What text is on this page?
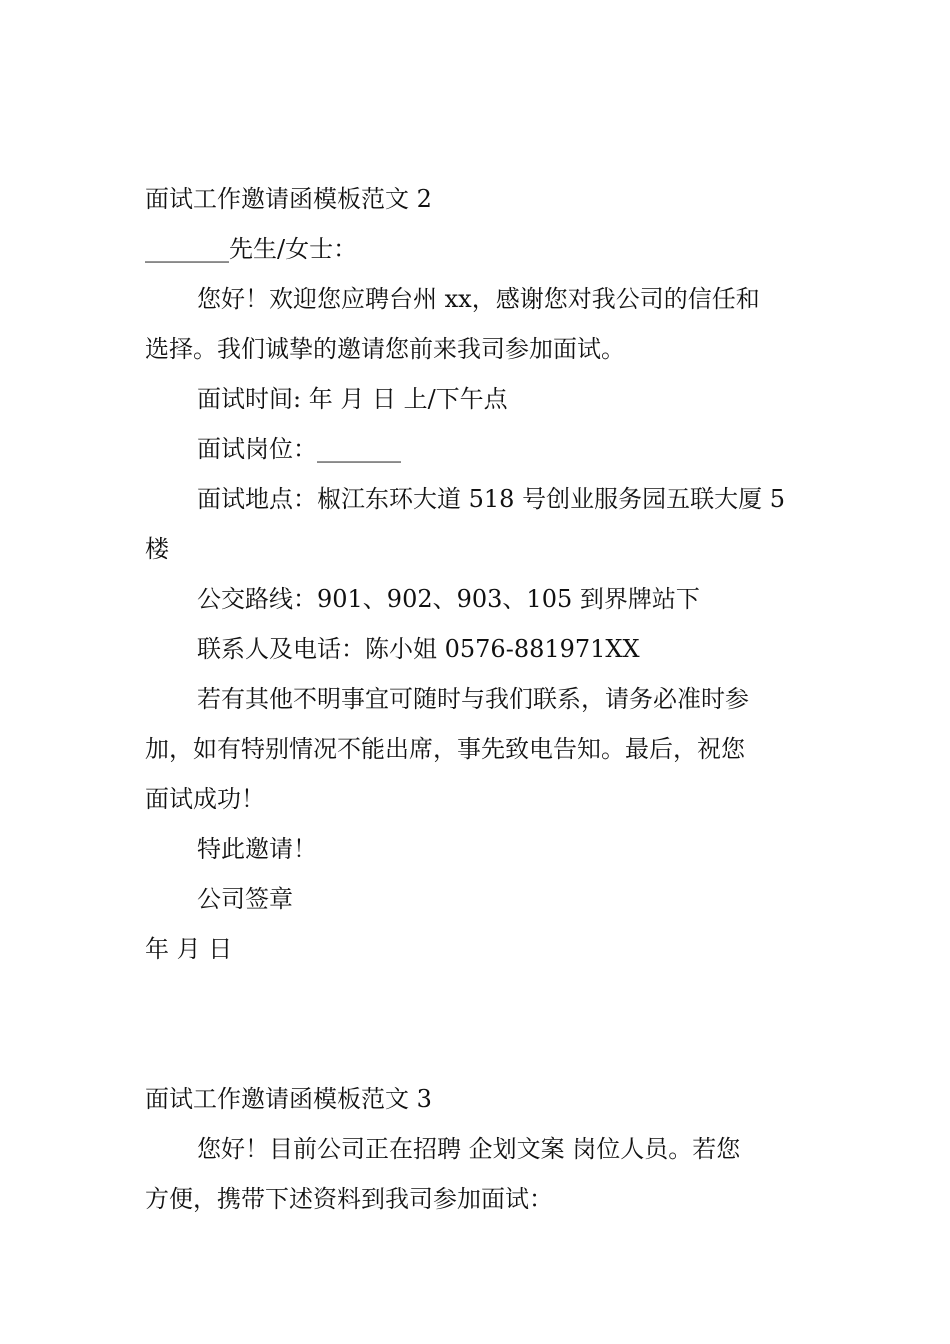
面试工作邀请函模板范文 2
_______先生/女士：
您好！欢迎您应聘台州 xx，感谢您对我公司的信任和
选择。我们诚挚的邀请您前来我司参加面试。
面试时间: 年 月 日 上/下午点
面试岗位：_______
面试地点：椒江东环大道 518 号创业服务园五联大厦 5
楼
公交路线：901、902、903、105 到界牌站下
联系人及电话：陈小姐 0576-881971XX
若有其他不明事宜可随时与我们联系，请务必准时参
加，如有特别情况不能出席，事先致电告知。最后，祝您
面试成功！
特此邀请！
公司签章
年 月 日
面试工作邀请函模板范文 3
您好！目前公司正在招聘 企划文案 岗位人员。若您
方便，携带下述资料到我司参加面试：
